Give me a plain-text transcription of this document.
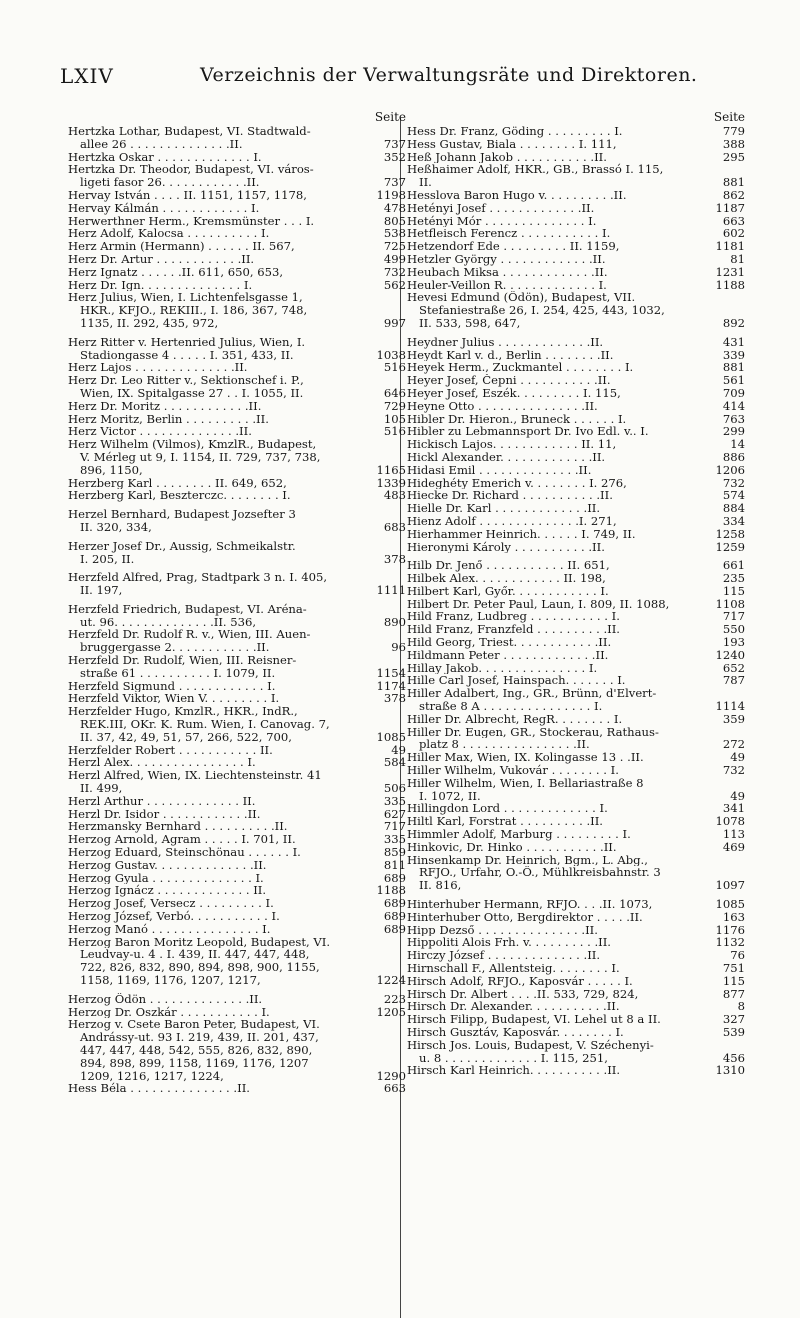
LXIV	Verzeichnis der Verwaltungsräte und Direktoren.
Seite
Hertzka Lothar, Budapest, VI. Stadtwald-
allee 26 . . . . . . . . . . . . . .II.	737
Hertzka Oskar . . . . . . . . . . . . . I.	352
Hertzka Dr. Theodor, Budapest, VI. város-
ligeti fasor 26. . . . . . . . . . . .II.	737
Hervay István . . . . II. 1151, 1157, 1178,	1198
Hervay Kálmán . . . . . . . . . . . . I.	478
Herwerthner Herm., Kremsmünster . . . I.	805
Herz Adolf, Kalocsa . . . . . . . . . . I.	538
Herz Armin (Hermann) . . . . . . II. 567,	725
Herz Dr. Artur . . . . . . . . . . . .II.	499
Herz Ignatz . . . . . .II. 611, 650, 653,	732
Herz Dr. Ign. . . . . . . . . . . . . . I.	562
Herz Julius, Wien, I. Lichtenfelsgasse 1,
HKR., KFJO., REKIII., I. 186, 367, 748,
1135, II. 292, 435, 972,	997
Herz Ritter v. Hertenried Julius, Wien, I.
Stadiongasse 4 . . . . . I. 351, 433, II.	1038
Herz Lajos . . . . . . . . . . . . . .II.	516
Herz Dr. Leo Ritter v., Sektionschef i. P.,
Wien, IX. Spitalgasse 27 . . I. 1055, II.	646
Herz Dr. Moritz . . . . . . . . . . . .II.	729
Herz Moritz, Berlin . . . . . . . . . .II.	105
Herz Victor . . . . . . . . . . . . . .II.	516
Herz Wilhelm (Vilmos), KmzlR., Budapest,
V. Mérleg ut 9, I. 1154, II. 729, 737, 738,
896, 1150,	1165
Herzberg Karl . . . . . . . . II. 649, 652,	1339
Herzberg Karl, Beszterczc. . . . . . . . I.	483
Herzel Bernhard, Budapest Jozsefter 3
II. 320, 334,	683
Herzer Josef Dr., Aussig, Schmeikalstr.
I. 205, II.	378
Herzfeld Alfred, Prag, Stadtpark 3 n. I. 405,
II. 197,	1111
Herzfeld Friedrich, Budapest, VI. Aréna-
ut. 96. . . . . . . . . . . . . .II. 536,	890
Herzfeld Dr. Rudolf R. v., Wien, III. Auen-
bruggergasse 2. . . . . . . . . . . .II.	96
Herzfeld Dr. Rudolf, Wien, III. Reisner-
straße 61 . . . . . . . . . . I. 1079, II.	1154
Herzfeld Sigmund . . . . . . . . . . . . I.	1174
Herzfeld Viktor, Wien V. . . . . . . . . I.	378
Herzfelder Hugo, KmzlR., HKR., IndR.,
REK.III, OKr. K. Rum. Wien, I. Canovag. 7,
II. 37, 42, 49, 51, 57, 266, 522, 700,	1085
Herzfelder Robert . . . . . . . . . . . II.	49
Herzl Alex. . . . . . . . . . . . . . . . I.	584
Herzl Alfred, Wien, IX. Liechtensteinstr. 41
II. 499,	506
Herzl Arthur . . . . . . . . . . . . . II.	335
Herzl Dr. Isidor . . . . . . . . . . . .II.	627
Herzmansky Bernhard . . . . . . . . . .II.	717
Herzog Arnold, Agram . . . . . I. 701, II.	335
Herzog Eduard, Steinschönau . . . . . . I.	859
Herzog Gustav. . . . . . . . . . . . . .II.	811
Herzog Gyula . . . . . . . . . . . . . . I.	689
Herzog Ignácz . . . . . . . . . . . . . II.	1188
Herzog Josef, Versecz . . . . . . . . . I.	689
Herzog József, Verbó. . . . . . . . . . . I.	689
Herzog Manó . . . . . . . . . . . . . . . I.	689
Herzog Baron Moritz Leopold, Budapest, VI.
Leudvay-u. 4 . I. 439, II. 447, 447, 448,
722, 826, 832, 890, 894, 898, 900, 1155,
1158, 1169, 1176, 1207, 1217,	1224
Herzog Ödön . . . . . . . . . . . . . .II.	223
Herzog Dr. Oszkár . . . . . . . . . . . I.	1205
Herzog v. Csete Baron Peter, Budapest, VI.
Andrássy-ut. 93 I. 219, 439, II. 201, 437,
447, 447, 448, 542, 555, 826, 832, 890,
894, 898, 899, 1158, 1169, 1176, 1207
1209, 1216, 1217, 1224,	1290
Hess Béla . . . . . . . . . . . . . . .II.	663
Seite
Hess Dr. Franz, Göding . . . . . . . . . I.	779
Hess Gustav, Biala . . . . . . . . I. 111,	388
Heß Johann Jakob . . . . . . . . . . .II.	295
Heßhaimer Adolf, HKR., GB., Brassó I. 115,
II.	881
Hesslova Baron Hugo v. . . . . . . . . .II.	862
Hetényi Josef . . . . . . . . . . . . .II.	1187
Hetényi Mór . . . . . . . . . . . . . . I.	663
Hetfleisch Ferencz . . . . . . . . . . . I.	602
Hetzendorf Ede . . . . . . . . . II. 1159,	1181
Hetzler György . . . . . . . . . . . . .II.	81
Heubach Miksa . . . . . . . . . . . . .II.	1231
Heuler-Veillon R. . . . . . . . . . . . . I.	1188
Hevesi Edmund (Ödön), Budapest, VII.
Stefaniestraße 26, I. 254, 425, 443, 1032,
II. 533, 598, 647,	892
Heydner Julius . . . . . . . . . . . . .II.	431
Heydt Karl v. d., Berlin . . . . . . . .II.	339
Heyek Herm., Zuckmantel . . . . . . . . I.	881
Heyer Josef, Čepni . . . . . . . . . . .II.	561
Heyer Josef, Eszék. . . . . . . . . I. 115,	709
Heyne Otto . . . . . . . . . . . . . . .II.	414
Hibler Dr. Hieron., Bruneck . . . . . . I.	763
Hibler zu Lebmannsport Dr. Ivo Edl. v.. I.	299
Hickisch Lajos. . . . . . . . . . . . II. 11,	14
Hickl Alexander. . . . . . . . . . . . .II.	886
Hidasi Emil . . . . . . . . . . . . . .II.	1206
Hideghéty Emerich v. . . . . . . . I. 276,	732
Hiecke Dr. Richard . . . . . . . . . . .II.	574
Hielle Dr. Karl . . . . . . . . . . . . .II.	884
Hienz Adolf . . . . . . . . . . . . . .I. 271,	334
Hierhammer Heinrich. . . . . . I. 749, II.	1258
Hieronymi Károly . . . . . . . . . . .II.	1259
Hilb Dr. Jenő . . . . . . . . . . . II. 651,	661
Hilbek Alex. . . . . . . . . . . . II. 198,	235
Hilbert Karl, Győr. . . . . . . . . . . . I.	115
Hilbert Dr. Peter Paul, Laun, I. 809, II. 1088,	1108
Hild Franz, Ludbreg . . . . . . . . . . . I.	717
Hild Franz, Franzfeld . . . . . . . . . .II.	550
Hild Georg, Triest. . . . . . . . . . . .II.	193
Hildmann Peter . . . . . . . . . . . . .II.	1240
Hillay Jakob. . . . . . . . . . . . . . . I.	652
Hille Carl Josef, Hainspach. . . . . . . I.	787
Hiller Adalbert, Ing., GR., Brünn, d'Elvert-
straße 8 A . . . . . . . . . . . . . . . I.	1114
Hiller Dr. Albrecht, RegR. . . . . . . . I.	359
Hiller Dr. Eugen, GR., Stockerau, Rathaus-
platz 8 . . . . . . . . . . . . . . . .II.	272
Hiller Max, Wien, IX. Kolingasse 13 . .II.	49
Hiller Wilhelm, Vukovár . . . . . . . . I.	732
Hiller Wilhelm, Wien, I. Bellariastraße 8
I. 1072, II.	49
Hillingdon Lord . . . . . . . . . . . . . I.	341
Hiltl Karl, Forstrat . . . . . . . . . .II.	1078
Himmler Adolf, Marburg . . . . . . . . . I.	113
Hinkovic, Dr. Hinko . . . . . . . . . . .II.	469
Hinsenkamp Dr. Heinrich, Bgm., L. Abg.,
RFJO., Urfahr, O.-Ö., Mühlkreisbahnstr. 3
II. 816,	1097
Hinterhuber Hermann, RFJO. . . .II. 1073,	1085
Hinterhuber Otto, Bergdirektor . . . . .II.	163
Hipp Dezső . . . . . . . . . . . . . . .II.	1176
Hippoliti Alois Frh. v. . . . . . . . . .II.	1132
Hirczy József . . . . . . . . . . . . . .II.	76
Hirnschall F., Allentsteig. . . . . . . . I.	751
Hirsch Adolf, RFJO., Kaposvár . . . . . I.	115
Hirsch Dr. Albert . . . .II. 533, 729, 824,	877
Hirsch Dr. Alexander. . . . . . . . . . .II.	8
Hirsch Filipp, Budapest, VI. Lehel ut 8 a II.	327
Hirsch Gusztáv, Kaposvár. . . . . . . . I.	539
Hirsch Jos. Louis, Budapest, V. Széchenyi-
u. 8 . . . . . . . . . . . . . I. 115, 251,	456
Hirsch Karl Heinrich. . . . . . . . . . .II.	1310
